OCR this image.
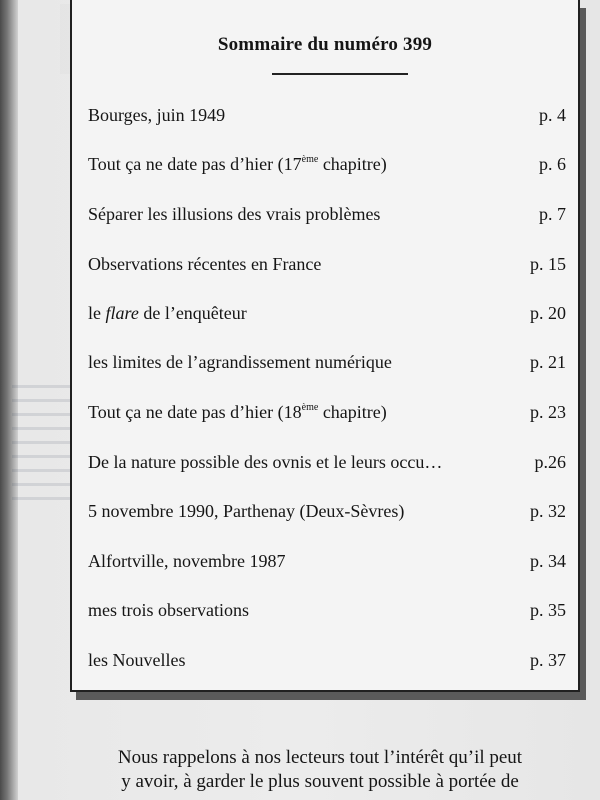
Sommaire du numéro 399
Bourges, juin 1949	p. 4
Tout ça ne date pas d’hier (17ème chapitre)	p. 6
Séparer les illusions des vrais problèmes	p. 7
Observations récentes en France	p. 15
le flare de l’enquêteur	p. 20
les limites de l’agrandissement numérique	p. 21
Tout ça ne date pas d’hier (18ème chapitre)	p. 23
De la nature possible des ovnis et le leurs occu…	p.26
5 novembre 1990, Parthenay (Deux-Sèvres)	p. 32
Alfortville, novembre 1987	p. 34
mes trois observations	p. 35
les Nouvelles	p. 37
Nous rappelons à nos lecteurs tout l’intérêt qu’il peut
y avoir, à garder le plus souvent possible à portée de
